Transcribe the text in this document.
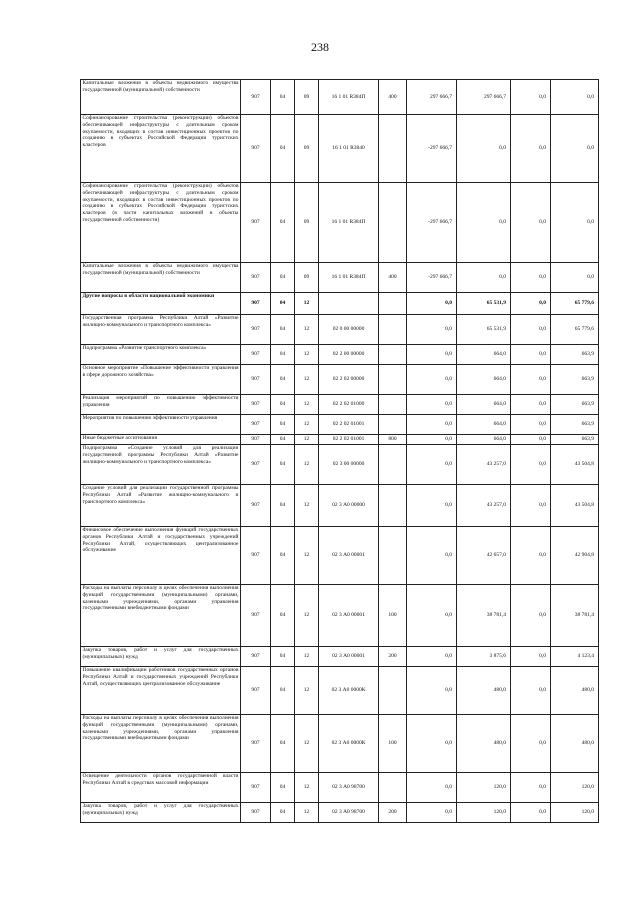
238
Капитальные вложения в объекты недвижимого имущества государственной (муниципальной) собственности	907	04	09	16 1 01 R384П	400	297 666,7	297 666,7	0,0	0,0
Софинансирование строительства (реконструкции) объектов обеспечивающей инфраструктуры с длительным сроком окупаемости, входящих в состав инвестиционных проектов по созданию в субъектах Российской Федерации туристских кластеров	907	04	09	16 1 01 R3840		-297 666,7	0,0	0,0	0,0
Софинансирование строительства (реконструкции) объектов обеспечивающей инфраструктуры с длительным сроком окупаемости, входящих в состав инвестиционных проектов по созданию в субъектах Российской Федерации туристских кластеров (в части капитальных вложений в объекты государственной собственности)	907	04	09	16 1 01 R384П		-297 666,7	0,0	0,0	0,0
Капитальные вложения в объекты недвижимого имущества государственной (муниципальной) собственности	907	04	09	16 1 01 R384П	400	-297 666,7	0,0	0,0	0,0
Другие вопросы в области национальной экономики	907	04	12			0,0	65 531,9	0,0	65 779,6
Государственная программа Республики Алтай «Развитие жилищно-коммунального и транспортного комплекса»	907	04	12	02 0 00 00000		0,0	65 531,9	0,0	65 779,6
Подпрограмма «Развитие транспортного комплекса»	907	04	12	02 2 00 00000		0,0	664,0	0,0	663,9
Основное мероприятие «Повышение эффективности управления в сфере дорожного хозяйства»	907	04	12	02 2 02 00000		0,0	664,0	0,0	663,9
Реализация мероприятий по повышению эффективности управления	907	04	12	02 2 02 01000		0,0	664,0	0,0	663,9
Мероприятия по повышению эффективности управления	907	04	12	02 2 02 01001		0,0	664,0	0,0	663,9
Иные бюджетные ассигнования	907	04	12	02 2 02 01001	800	0,0	664,0	0,0	663,9
Подпрограмма «Создание условий для реализации государственной программы Республики Алтай «Развитие жилищно-коммунального и транспортного комплекса»	907	04	12	02 3 00 00000		0,0	43 257,0	0,0	43 504,8
Создание условий для реализации государственной программы Республики Алтай «Развитие жилищно-коммунального и транспортного комплекса»	907	04	12	02 3 А0 00000		0,0	43 257,0	0,0	43 504,8
Финансовое обеспечение выполнения функций государственных органов Республики Алтай и государственных учреждений Республики Алтай, осуществляющих централизованное обслуживание	907	04	12	02 3 А0 00001		0,0	42 657,0	0,0	42 904,8
Расходы на выплаты персоналу в целях обеспечения выполнения функций государственными (муниципальными) органами, казенными учреждениями, органами управления государственными внебюджетными фондами	907	04	12	02 3 А0 00001	100	0,0	38 781,4	0,0	38 781,4
Закупка товаров, работ и услуг для государственных (муниципальных) нужд	907	04	12	02 3 А0 00001	200	0,0	3 875,6	0,0	4 123,4
Повышение квалификации работников государственных органов Республики Алтай и государственных учреждений Республики Алтай, осуществляющих централизованное обслуживание	907	04	12	02 3 А0 0000К		0,0	480,0	0,0	480,0
Расходы на выплаты персоналу в целях обеспечения выполнения функций государственными (муниципальными) органами, казенными учреждениями, органами управления государственными внебюджетными фондами	907	04	12	02 3 А0 0000К	100	0,0	480,0	0,0	480,0
Освещение деятельности органов государственной власти Республики Алтай в средствах массовой информации	907	04	12	02 3 А0 98700		0,0	120,0	0,0	120,0
Закупка товаров, работ и услуг для государственных (муниципальных) нужд	907	04	12	02 3 А0 98700	200	0,0	120,0	0,0	120,0
